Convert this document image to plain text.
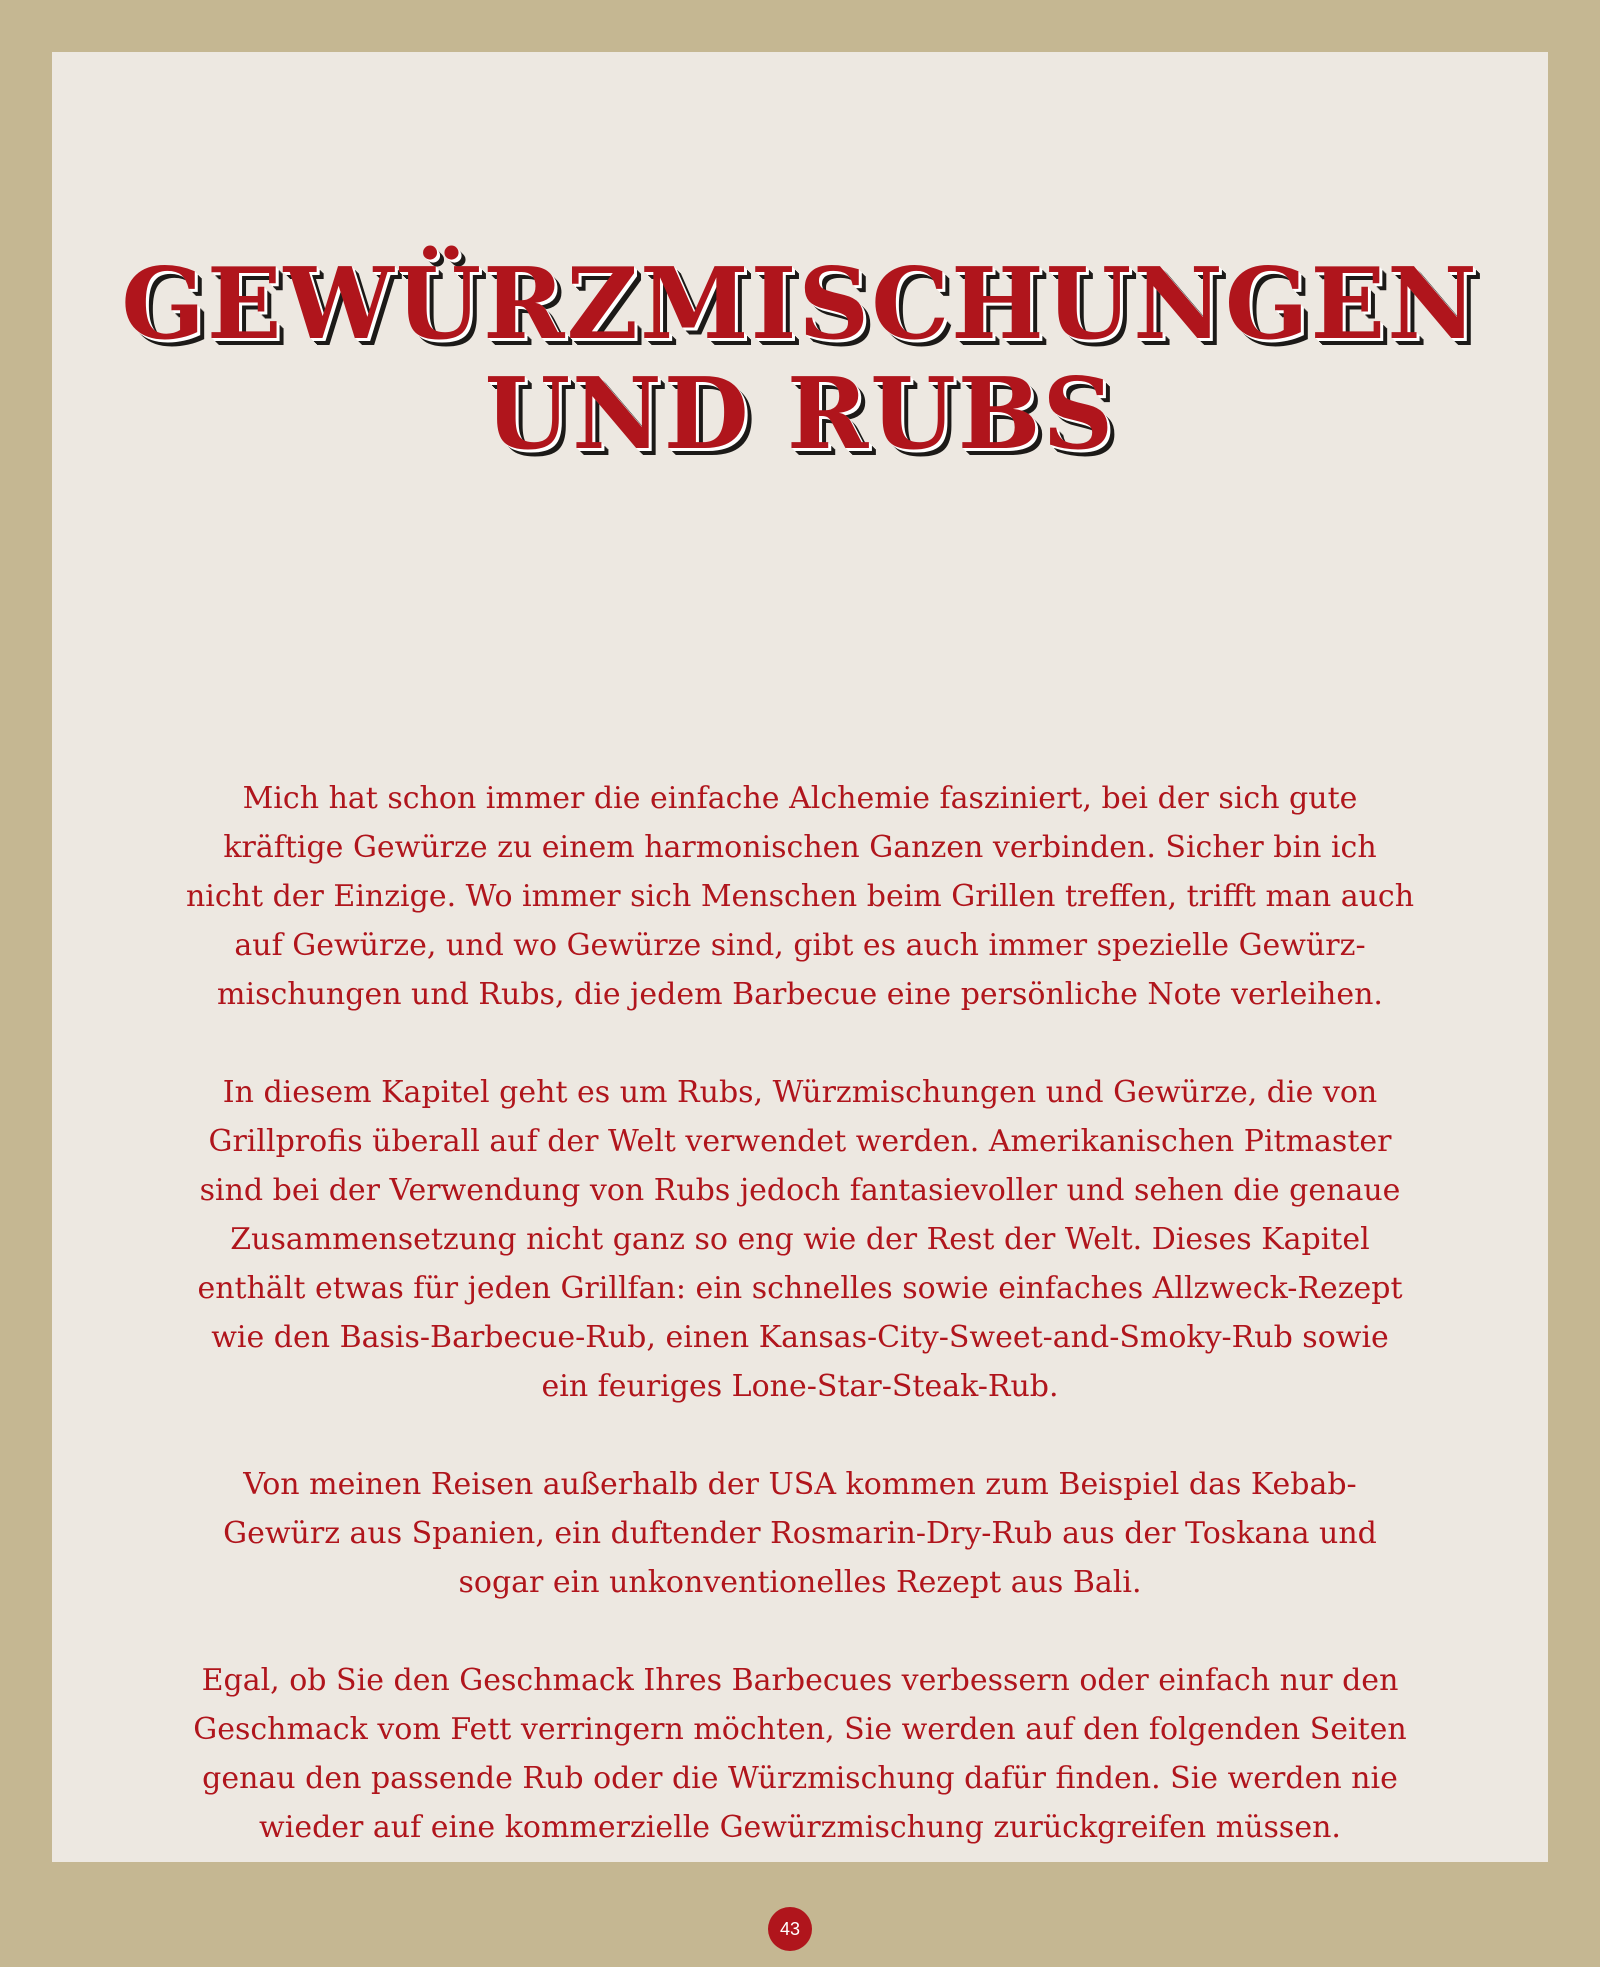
GEWÜRZMISCHUNGEN
UND RUBS

Mich hat schon immer die einfache Alchemie fasziniert, bei der sich gute
kräftige Gewürze zu einem harmonischen Ganzen verbinden. Sicher bin ich
nicht der Einzige. Wo immer sich Menschen beim Grillen treffen, trifft man auch
auf Gewürze, und wo Gewürze sind, gibt es auch immer spezielle Gewürz-
mischungen und Rubs, die jedem Barbecue eine persönliche Note verleihen.

In diesem Kapitel geht es um Rubs, Würzmischungen und Gewürze, die von
Grillprofis überall auf der Welt verwendet werden. Amerikanischen Pitmaster
sind bei der Verwendung von Rubs jedoch fantasievoller und sehen die genaue
Zusammensetzung nicht ganz so eng wie der Rest der Welt. Dieses Kapitel
enthält etwas für jeden Grillfan: ein schnelles sowie einfaches Allzweck-Rezept
wie den Basis-Barbecue-Rub, einen Kansas-City-Sweet-and-Smoky-Rub sowie
ein feuriges Lone-Star-Steak-Rub.

Von meinen Reisen außerhalb der USA kommen zum Beispiel das Kebab-
Gewürz aus Spanien, ein duftender Rosmarin-Dry-Rub aus der Toskana und
sogar ein unkonventionelles Rezept aus Bali.

Egal, ob Sie den Geschmack Ihres Barbecues verbessern oder einfach nur den
Geschmack vom Fett verringern möchten, Sie werden auf den folgenden Seiten
genau den passende Rub oder die Würzmischung dafür finden. Sie werden nie
wieder auf eine kommerzielle Gewürzmischung zurückgreifen müssen.

43
